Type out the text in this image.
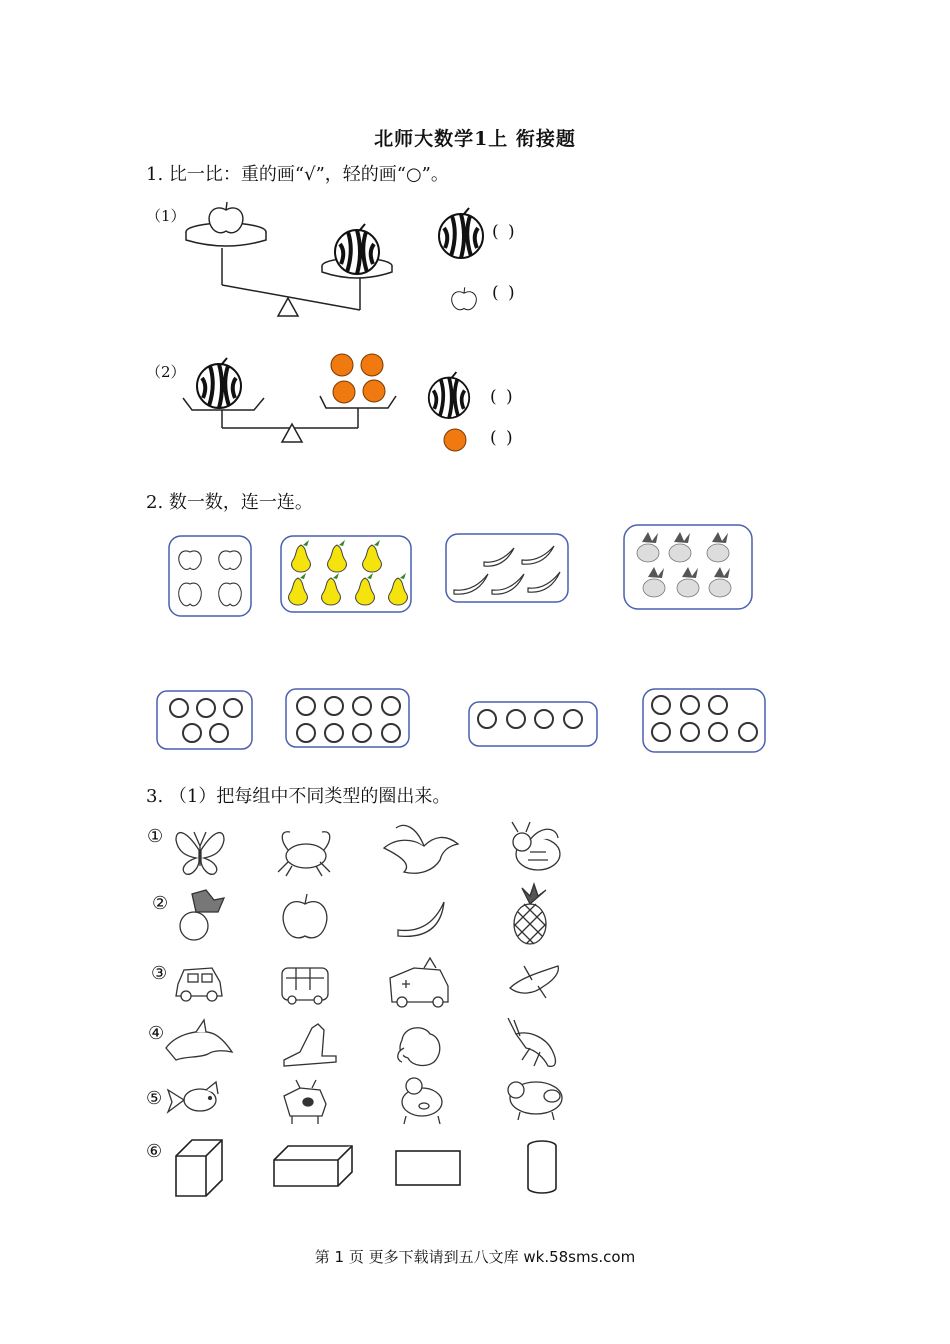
北师大数学1上 衔接题
1. 比一比：重的画“√”，轻的画“○”。
（1）
( )
( )
（2）
( )
( )
2. 数一数，连一连。
3. （1）把每组中不同类型的圈出来。
①
②
③
④
⑤
⑥
第 1 页 更多下载请到五八文库 wk.58sms.com
